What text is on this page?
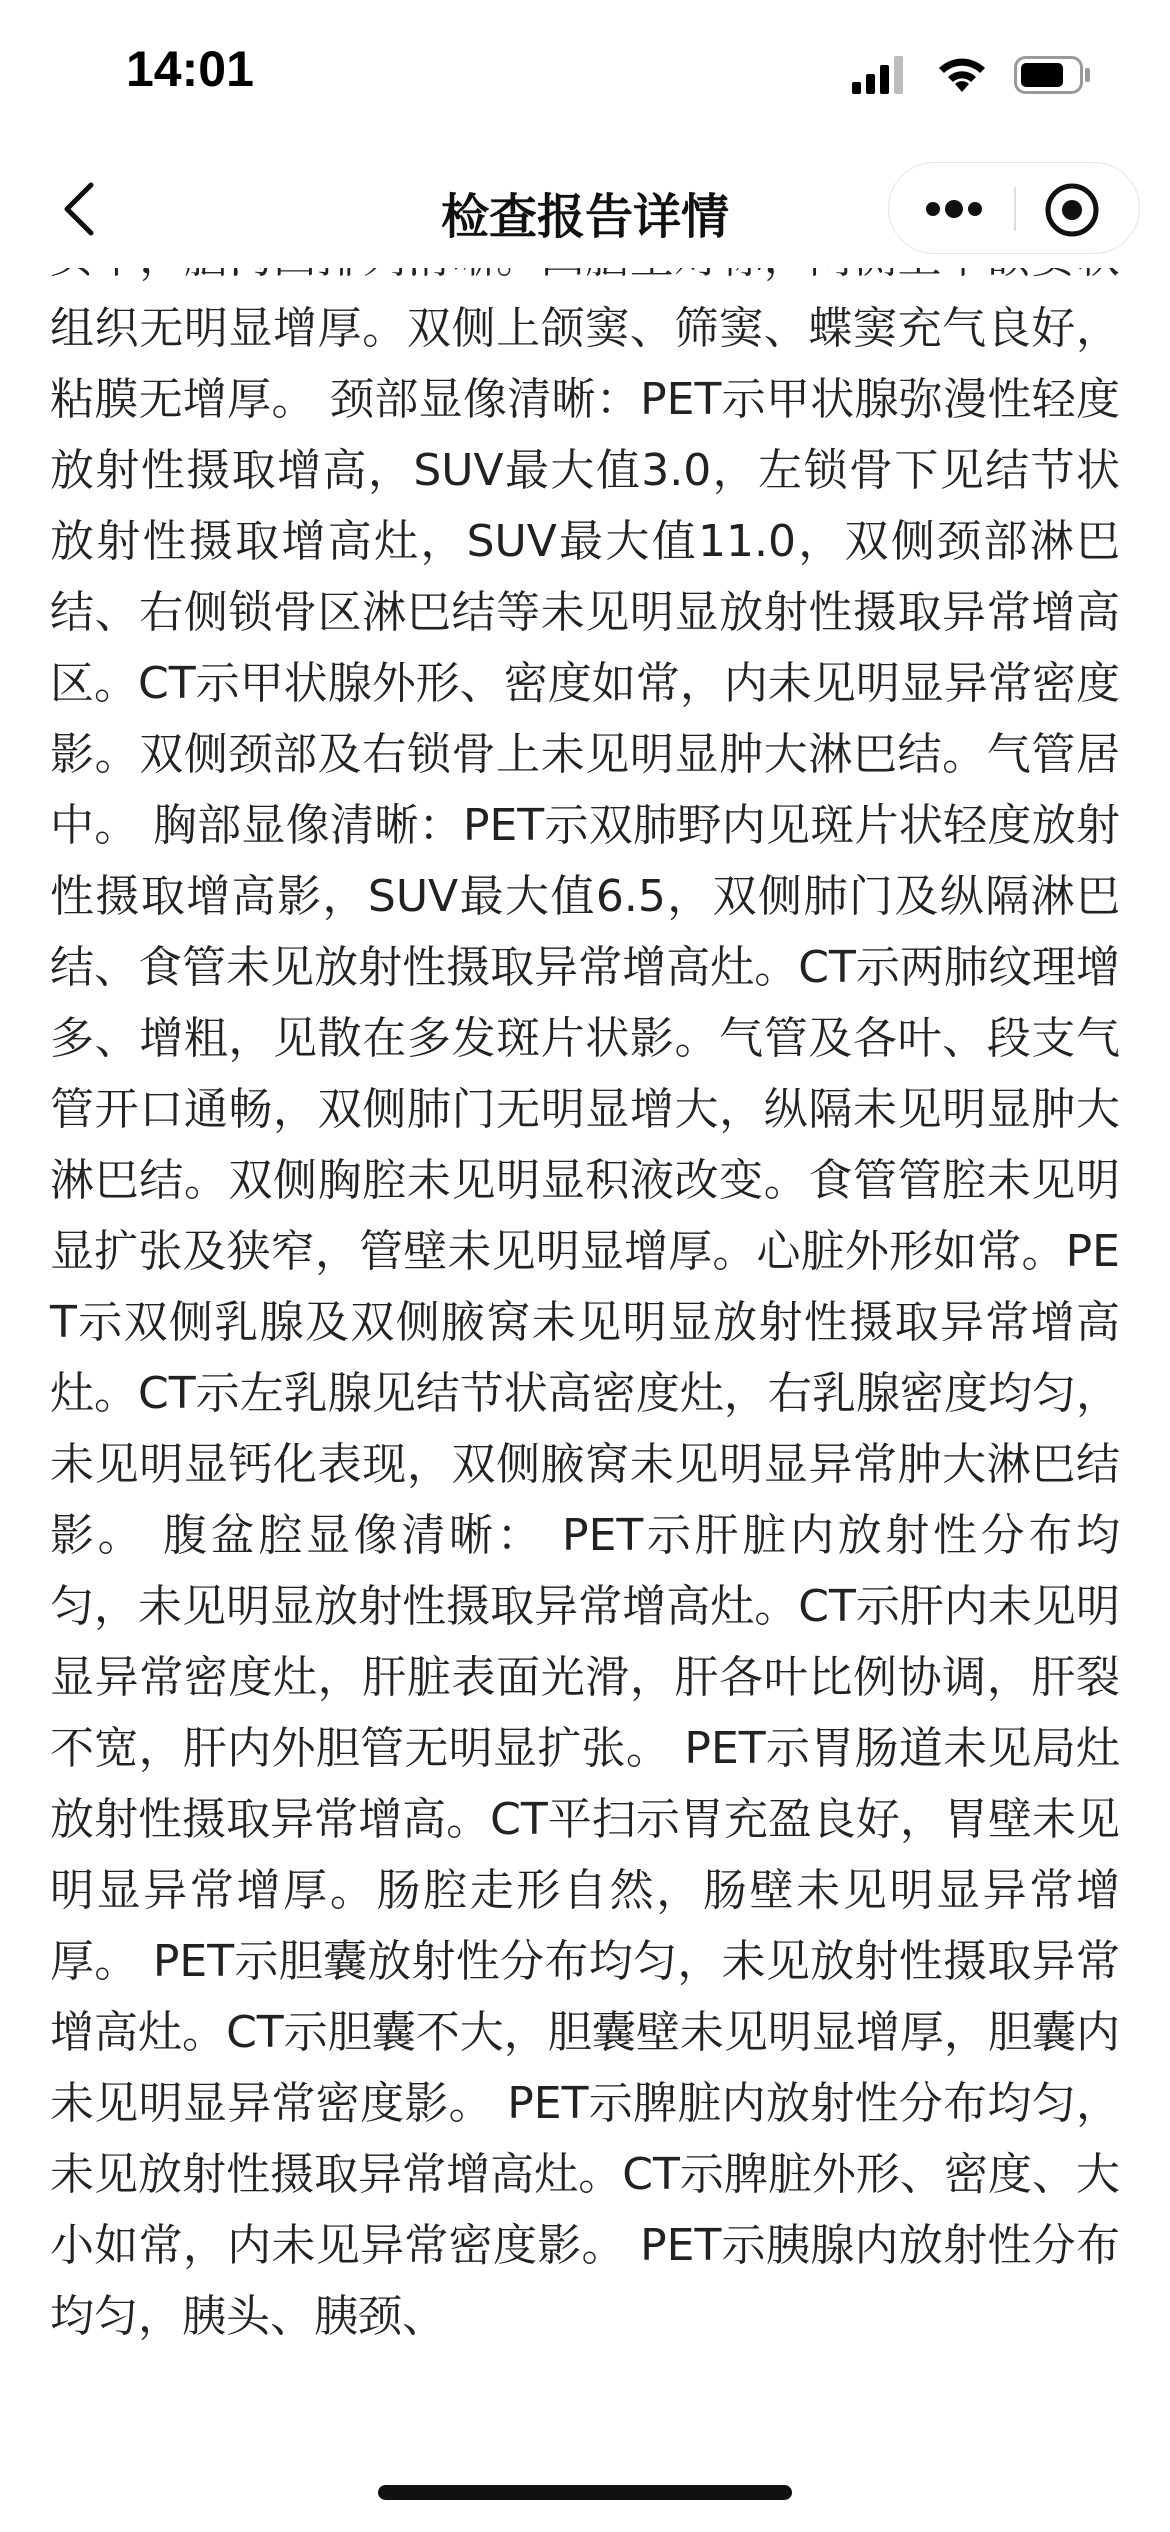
14:01
检查报告详情

组织无明显增厚。双侧上颌窦、筛窦、蝶窦充气良好，粘膜无增厚。 颈部显像清晰：PET示甲状腺弥漫性轻度放射性摄取增高，SUV最大值3.0，左锁骨下见结节状放射性摄取增高灶，SUV最大值11.0，双侧颈部淋巴结、右侧锁骨区淋巴结等未见明显放射性摄取异常增高区。CT示甲状腺外形、密度如常，内未见明显异常密度影。双侧颈部及右锁骨上未见明显肿大淋巴结。气管居中。 胸部显像清晰：PET示双肺野内见斑片状轻度放射性摄取增高影，SUV最大值6.5，双侧肺门及纵隔淋巴结、食管未见放射性摄取异常增高灶。CT示两肺纹理增多、增粗，见散在多发斑片状影。气管及各叶、段支气管开口通畅，双侧肺门无明显增大，纵隔未见明显肿大淋巴结。双侧胸腔未见明显积液改变。食管管腔未见明显扩张及狭窄，管壁未见明显增厚。心脏外形如常。PET示双侧乳腺及双侧腋窝未见明显放射性摄取异常增高灶。CT示左乳腺见结节状高密度灶，右乳腺密度均匀，未见明显钙化表现，双侧腋窝未见明显异常肿大淋巴结影。 腹盆腔显像清晰： PET示肝脏内放射性分布均匀，未见明显放射性摄取异常增高灶。CT示肝内未见明显异常密度灶，肝脏表面光滑，肝各叶比例协调，肝裂不宽，肝内外胆管无明显扩张。 PET示胃肠道未见局灶放射性摄取异常增高。CT平扫示胃充盈良好，胃壁未见明显异常增厚。肠腔走形自然，肠壁未见明显异常增厚。 PET示胆囊放射性分布均匀，未见放射性摄取异常增高灶。CT示胆囊不大，胆囊壁未见明显增厚，胆囊内未见明显异常密度影。 PET示脾脏内放射性分布均匀，未见放射性摄取异常增高灶。CT示脾脏外形、密度、大小如常，内未见异常密度影。 PET示胰腺内放射性分布均匀，胰头、胰颈、
